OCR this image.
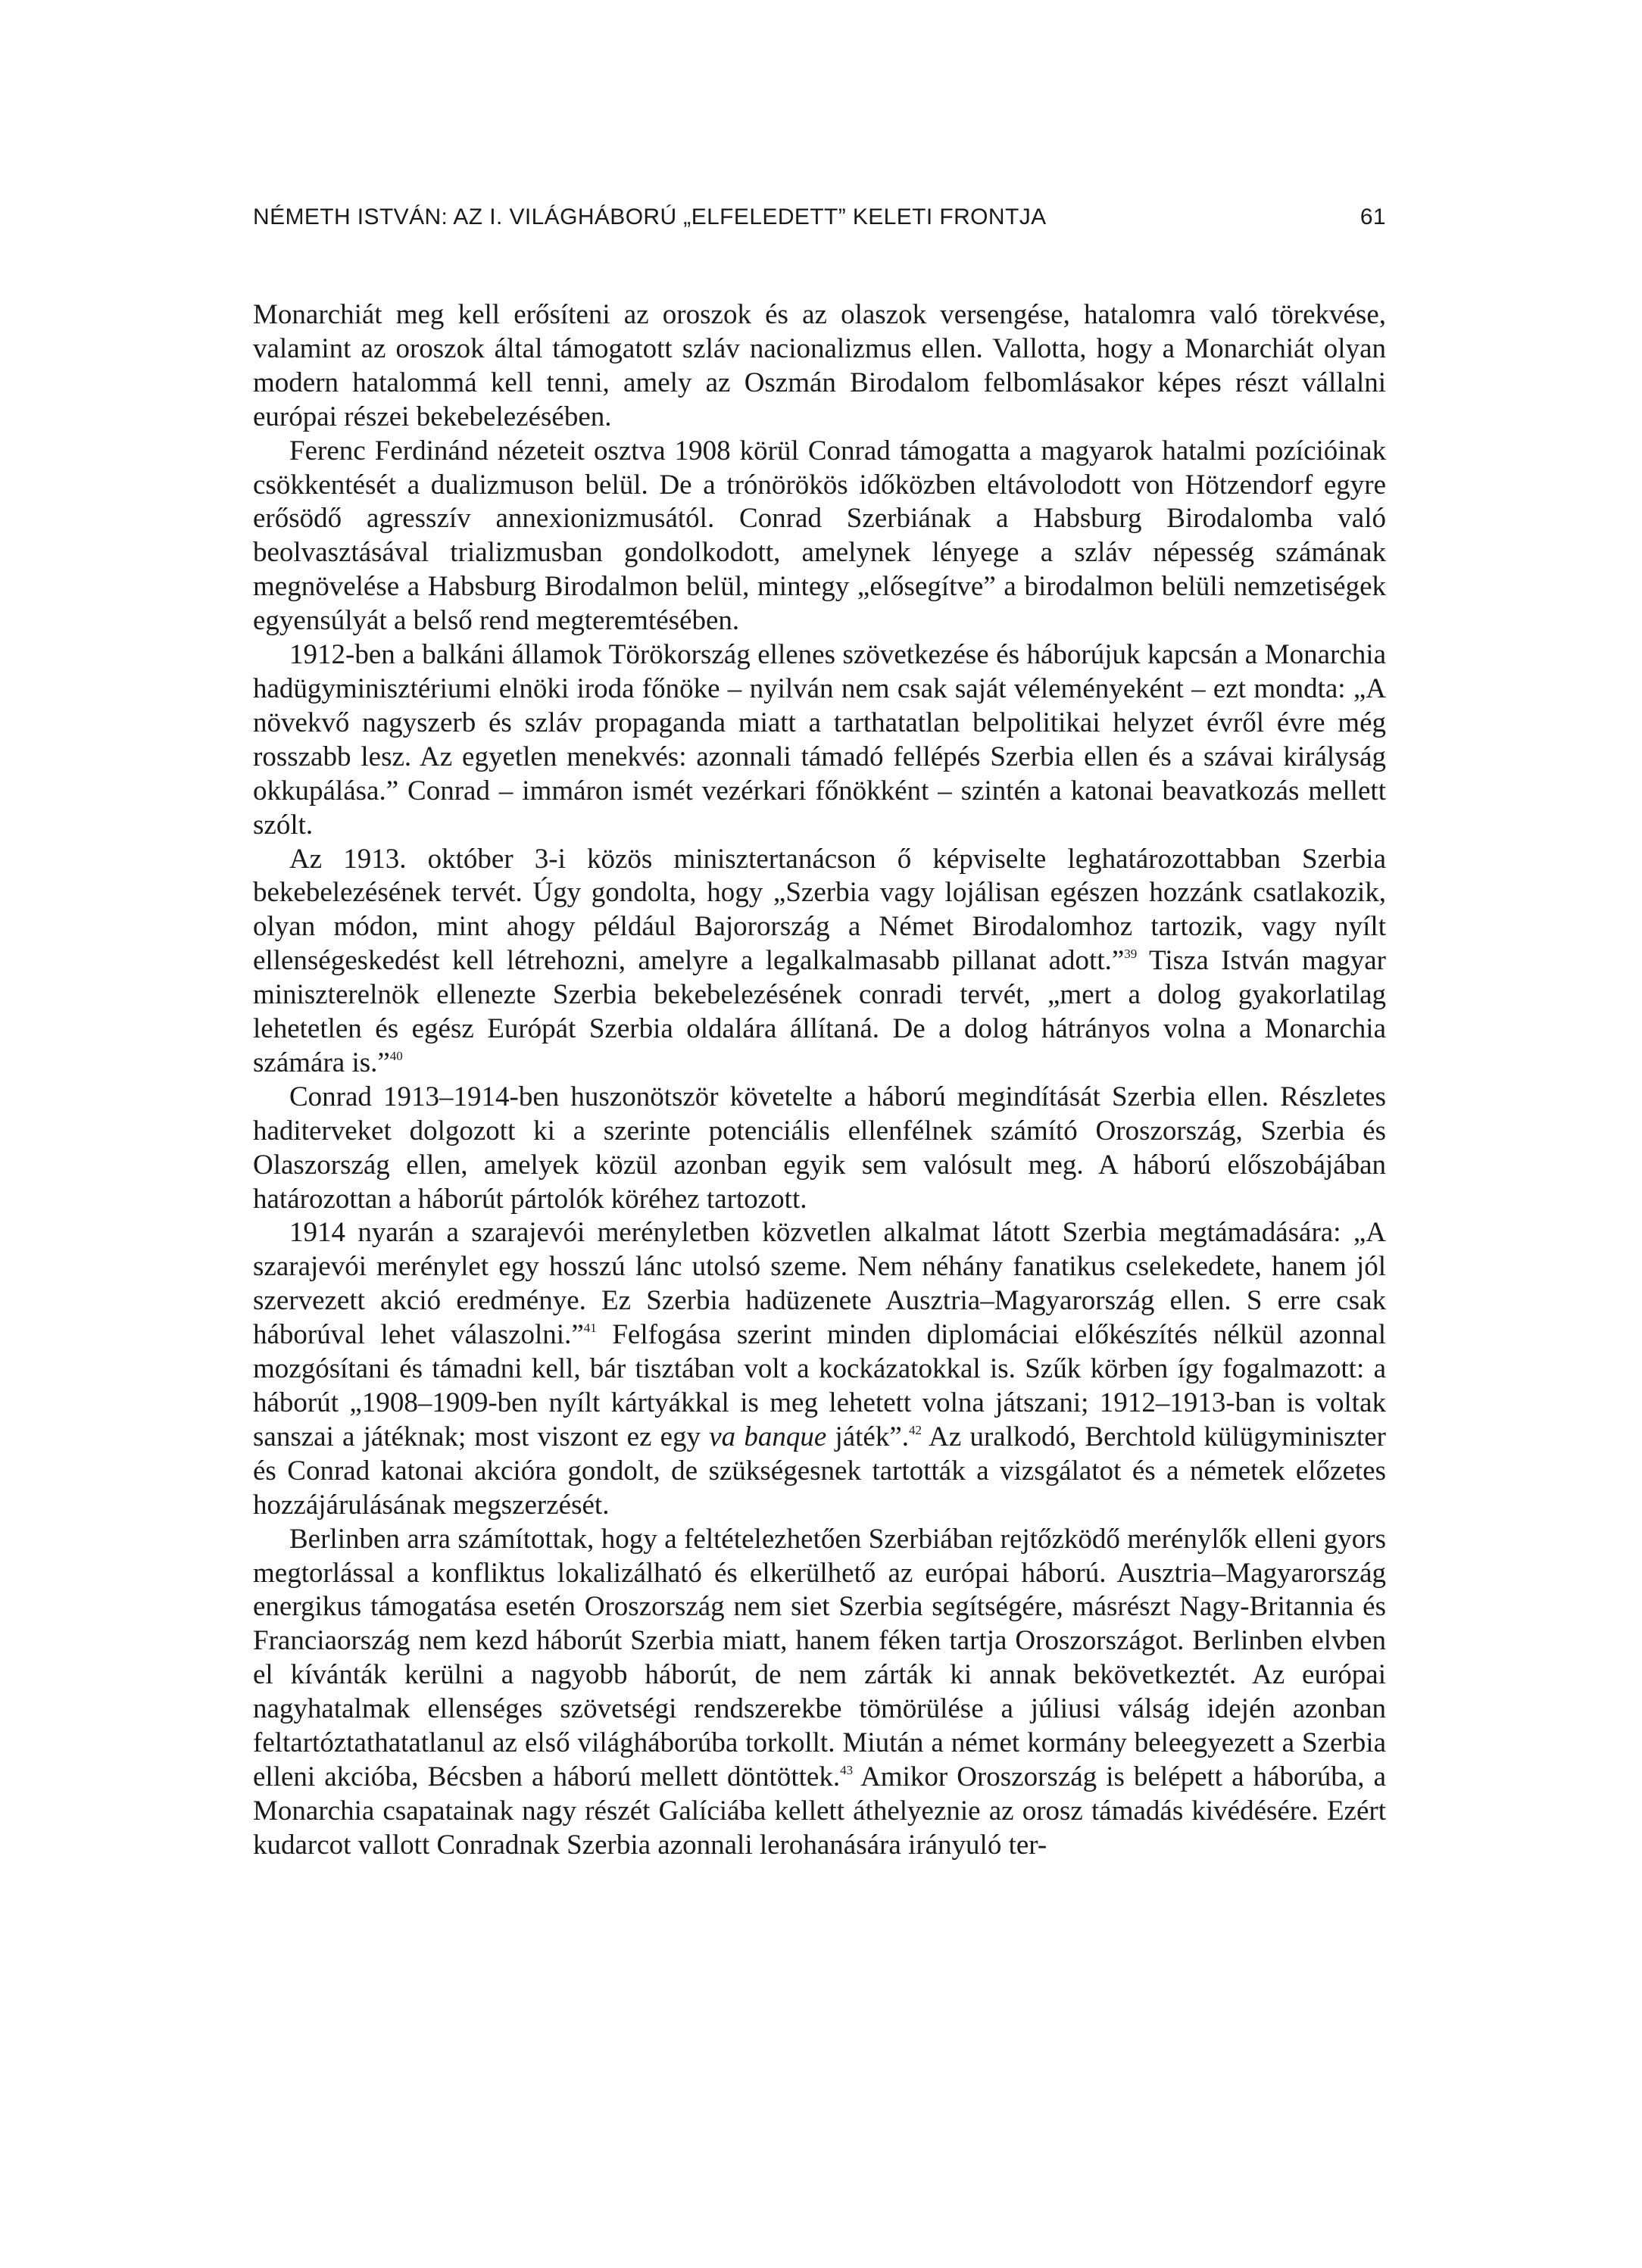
NÉMETH ISTVÁN: AZ I. VILÁGHÁBORÚ „ELFELEDETT” KELETI FRONTJA	61

Monarchiát meg kell erősíteni az oroszok és az olaszok versengése, hatalomra való törekvése, valamint az oroszok által támogatott szláv nacionalizmus ellen. Vallotta, hogy a Monarchiát olyan modern hatalommá kell tenni, amely az Oszmán Birodalom felbomlásakor képes részt vállalni európai részei bekebelezésében.

Ferenc Ferdinánd nézeteit osztva 1908 körül Conrad támogatta a magyarok hatalmi pozícióinak csökkentését a dualizmuson belül. De a trónörökös időközben eltávolodott von Hötzendorf egyre erősödő agresszív annexionizmusától. Conrad Szerbiának a Habsburg Birodalomba való beolvasztásával trializmusban gondolkodott, amelynek lényege a szláv népesség számának megnövelése a Habsburg Birodalmon belül, mintegy „elősegítve” a birodalmon belüli nemzetiségek egyensúlyát a belső rend megteremtésében.

1912-ben a balkáni államok Törökország ellenes szövetkezése és háborújuk kapcsán a Monarchia hadügyminisztériumi elnöki iroda főnöke – nyilván nem csak saját véleményeként – ezt mondta: „A növekvő nagyszerb és szláv propaganda miatt a tarthatatlan belpolitikai helyzet évről évre még rosszabb lesz. Az egyetlen menekvés: azonnali támadó fellépés Szerbia ellen és a szávai királyság okkupálása.” Conrad – immáron ismét vezérkari főnökként – szintén a katonai beavatkozás mellett szólt.

Az 1913. október 3-i közös minisztertanácson ő képviselte leghatározottabban Szerbia bekebelezésének tervét. Úgy gondolta, hogy „Szerbia vagy lojálisan egészen hozzánk csatlakozik, olyan módon, mint ahogy például Bajorország a Német Birodalomhoz tartozik, vagy nyílt ellenségeskedést kell létrehozni, amelyre a legalkalmasabb pillanat adott.”$^{39}$ Tisza István magyar miniszterelnök ellenezte Szerbia bekebelezésének conradi tervét, „mert a dolog gyakorlatilag lehetetlen és egész Európát Szerbia oldalára állítaná. De a dolog hátrányos volna a Monarchia számára is.”$^{40}$

Conrad 1913–1914-ben huszonötször követelte a háború megindítását Szerbia ellen. Részletes haditerveket dolgozott ki a szerinte potenciális ellenfélnek számító Oroszország, Szerbia és Olaszország ellen, amelyek közül azonban egyik sem valósult meg. A háború előszobájában határozottan a háborút pártolók köréhez tartozott.

1914 nyarán a szarajevói merényletben közvetlen alkalmat látott Szerbia megtámadására: „A szarajevói merénylet egy hosszú lánc utolsó szeme. Nem néhány fanatikus cselekedete, hanem jól szervezett akció eredménye. Ez Szerbia hadüzenete Ausztria–Magyarország ellen. S erre csak háborúval lehet válaszolni.”$^{41}$ Felfogása szerint minden diplomáciai előkészítés nélkül azonnal mozgósítani és támadni kell, bár tisztában volt a kockázatokkal is. Szűk körben így fogalmazott: a háborút „1908–1909-ben nyílt kártyákkal is meg lehetett volna játszani; 1912–1913-ban is voltak sanszai a játéknak; most viszont ez egy va banque játék”.$^{42}$ Az uralkodó, Berchtold külügyminiszter és Conrad katonai akcióra gondolt, de szükségesnek tartották a vizsgálatot és a németek előzetes hozzájárulásának megszerzését.

Berlinben arra számítottak, hogy a feltételezhetően Szerbiában rejtőzködő merénylők elleni gyors megtorlással a konfliktus lokalizálható és elkerülhető az európai háború. Ausztria–Magyarország energikus támogatása esetén Oroszország nem siet Szerbia segítségére, másrészt Nagy-Britannia és Franciaország nem kezd háborút Szerbia miatt, hanem féken tartja Oroszországot. Berlinben elvben el kívánták kerülni a nagyobb háborút, de nem zárták ki annak bekövetkeztét. Az európai nagyhatalmak ellenséges szövetségi rendszerekbe tömörülése a júliusi válság idején azonban feltartóztathatatlanul az első világháborúba torkollt. Miután a német kormány beleegyezett a Szerbia elleni akcióba, Bécsben a háború mellett döntöttek.$^{43}$ Amikor Oroszország is belépett a háborúba, a Monarchia csapatainak nagy részét Galíciába kellett áthelyeznie az orosz támadás kivédésére. Ezért kudarcot vallott Conradnak Szerbia azonnali lerohanására irányuló ter-
